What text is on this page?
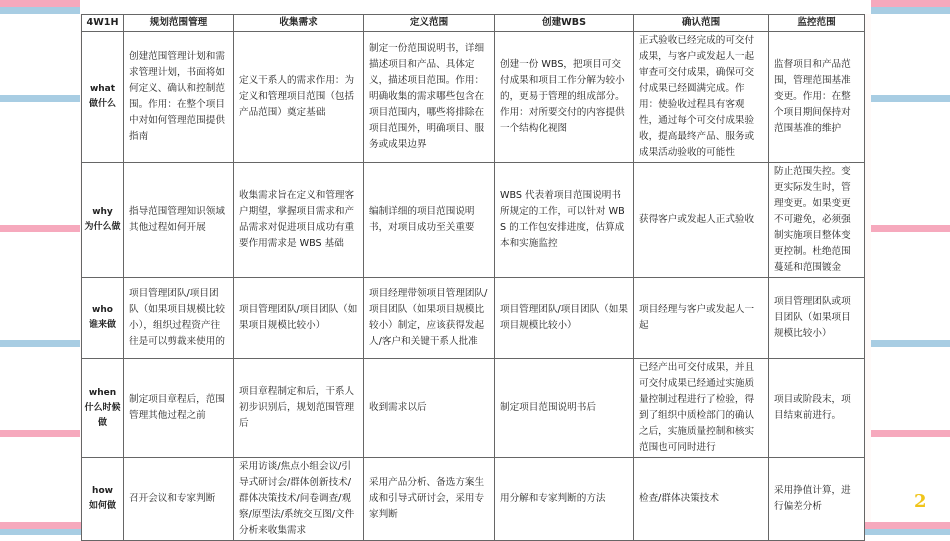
4W1H	规划范围管理	收集需求	定义范围	创建WBS	确认范围	监控范围

what
做什么	创建范围管理计划和需求管理计划，书面将如何定义、确认和控制范围。作用：在整个项目中对如何管理范围提供指南	定义干系人的需求作用：为定义和管理项目范围（包括产品范围）奠定基础	制定一份范围说明书，详细描述项目和产品、具体定义，描述项目范围。作用：明确收集的需求哪些包含在项目范围内，哪些将排除在项目范围外，明确项目、服务或成果边界	创建一份 WBS，把项目可交付成果和项目工作分解为较小的，更易于管理的组成部分。作用：对所要交付的内容提供一个结构化视图	正式验收已经完成的可交付成果，与客户或发起人一起审查可交付成果，确保可交付成果已经圆满完成。作用：使验收过程具有客观性，通过每个可交付成果验收，提高最终产品、服务或成果活动验收的可能性	监督项目和产品范围，管理范围基准变更。作用：在整个项目期间保持对范围基准的维护

why
为什么做	指导范围管理知识领域其他过程如何开展	收集需求旨在定义和管理客户期望，掌握项目需求和产品需求对促进项目成功有重要作用需求是 WBS 基础	编制详细的项目范围说明书，对项目成功至关重要	WBS 代表着项目范围说明书所规定的工作，可以针对 WBS 的工作包安排进度，估算成本和实施监控	获得客户或发起人正式验收	防止范围失控。变更实际发生时，管理变更。如果变更不可避免，必须强制实施项目整体变更控制。杜绝范围蔓延和范围镀金

who
谁来做	项目管理团队/项目团队（如果项目规模比较小），组织过程资产往往是可以剪裁来使用的	项目管理团队/项目团队（如果项目规模比较小）	项目经理带领项目管理团队/项目团队（如果项目规模比较小）制定，应该获得发起人/客户和关键干系人批准	项目管理团队/项目团队（如果项目规模比较小）	项目经理与客户或发起人一起	项目管理团队或项目团队（如果项目规模比较小）

when
什么时候做	制定项目章程后，范围管理其他过程之前	项目章程制定和后，干系人初步识别后，规划范围管理后	收到需求以后	制定项目范围说明书后	已经产出可交付成果，并且可交付成果已经通过实施质量控制过程进行了检验，得到了组织中质检部门的确认之后，实施质量控制和核实范围也可同时进行	项目或阶段末，项目结束前进行。

how
如何做	召开会议和专家判断	采用访谈/焦点小组会议/引导式研讨会/群体创新技术/群体决策技术/问卷调查/观察/原型法/系统交互图/文件分析来收集需求	采用产品分析、备选方案生成和引导式研讨会，采用专家判断	用分解和专家判断的方法	检查/群体决策技术	采用挣值计算，进行偏差分析	2
